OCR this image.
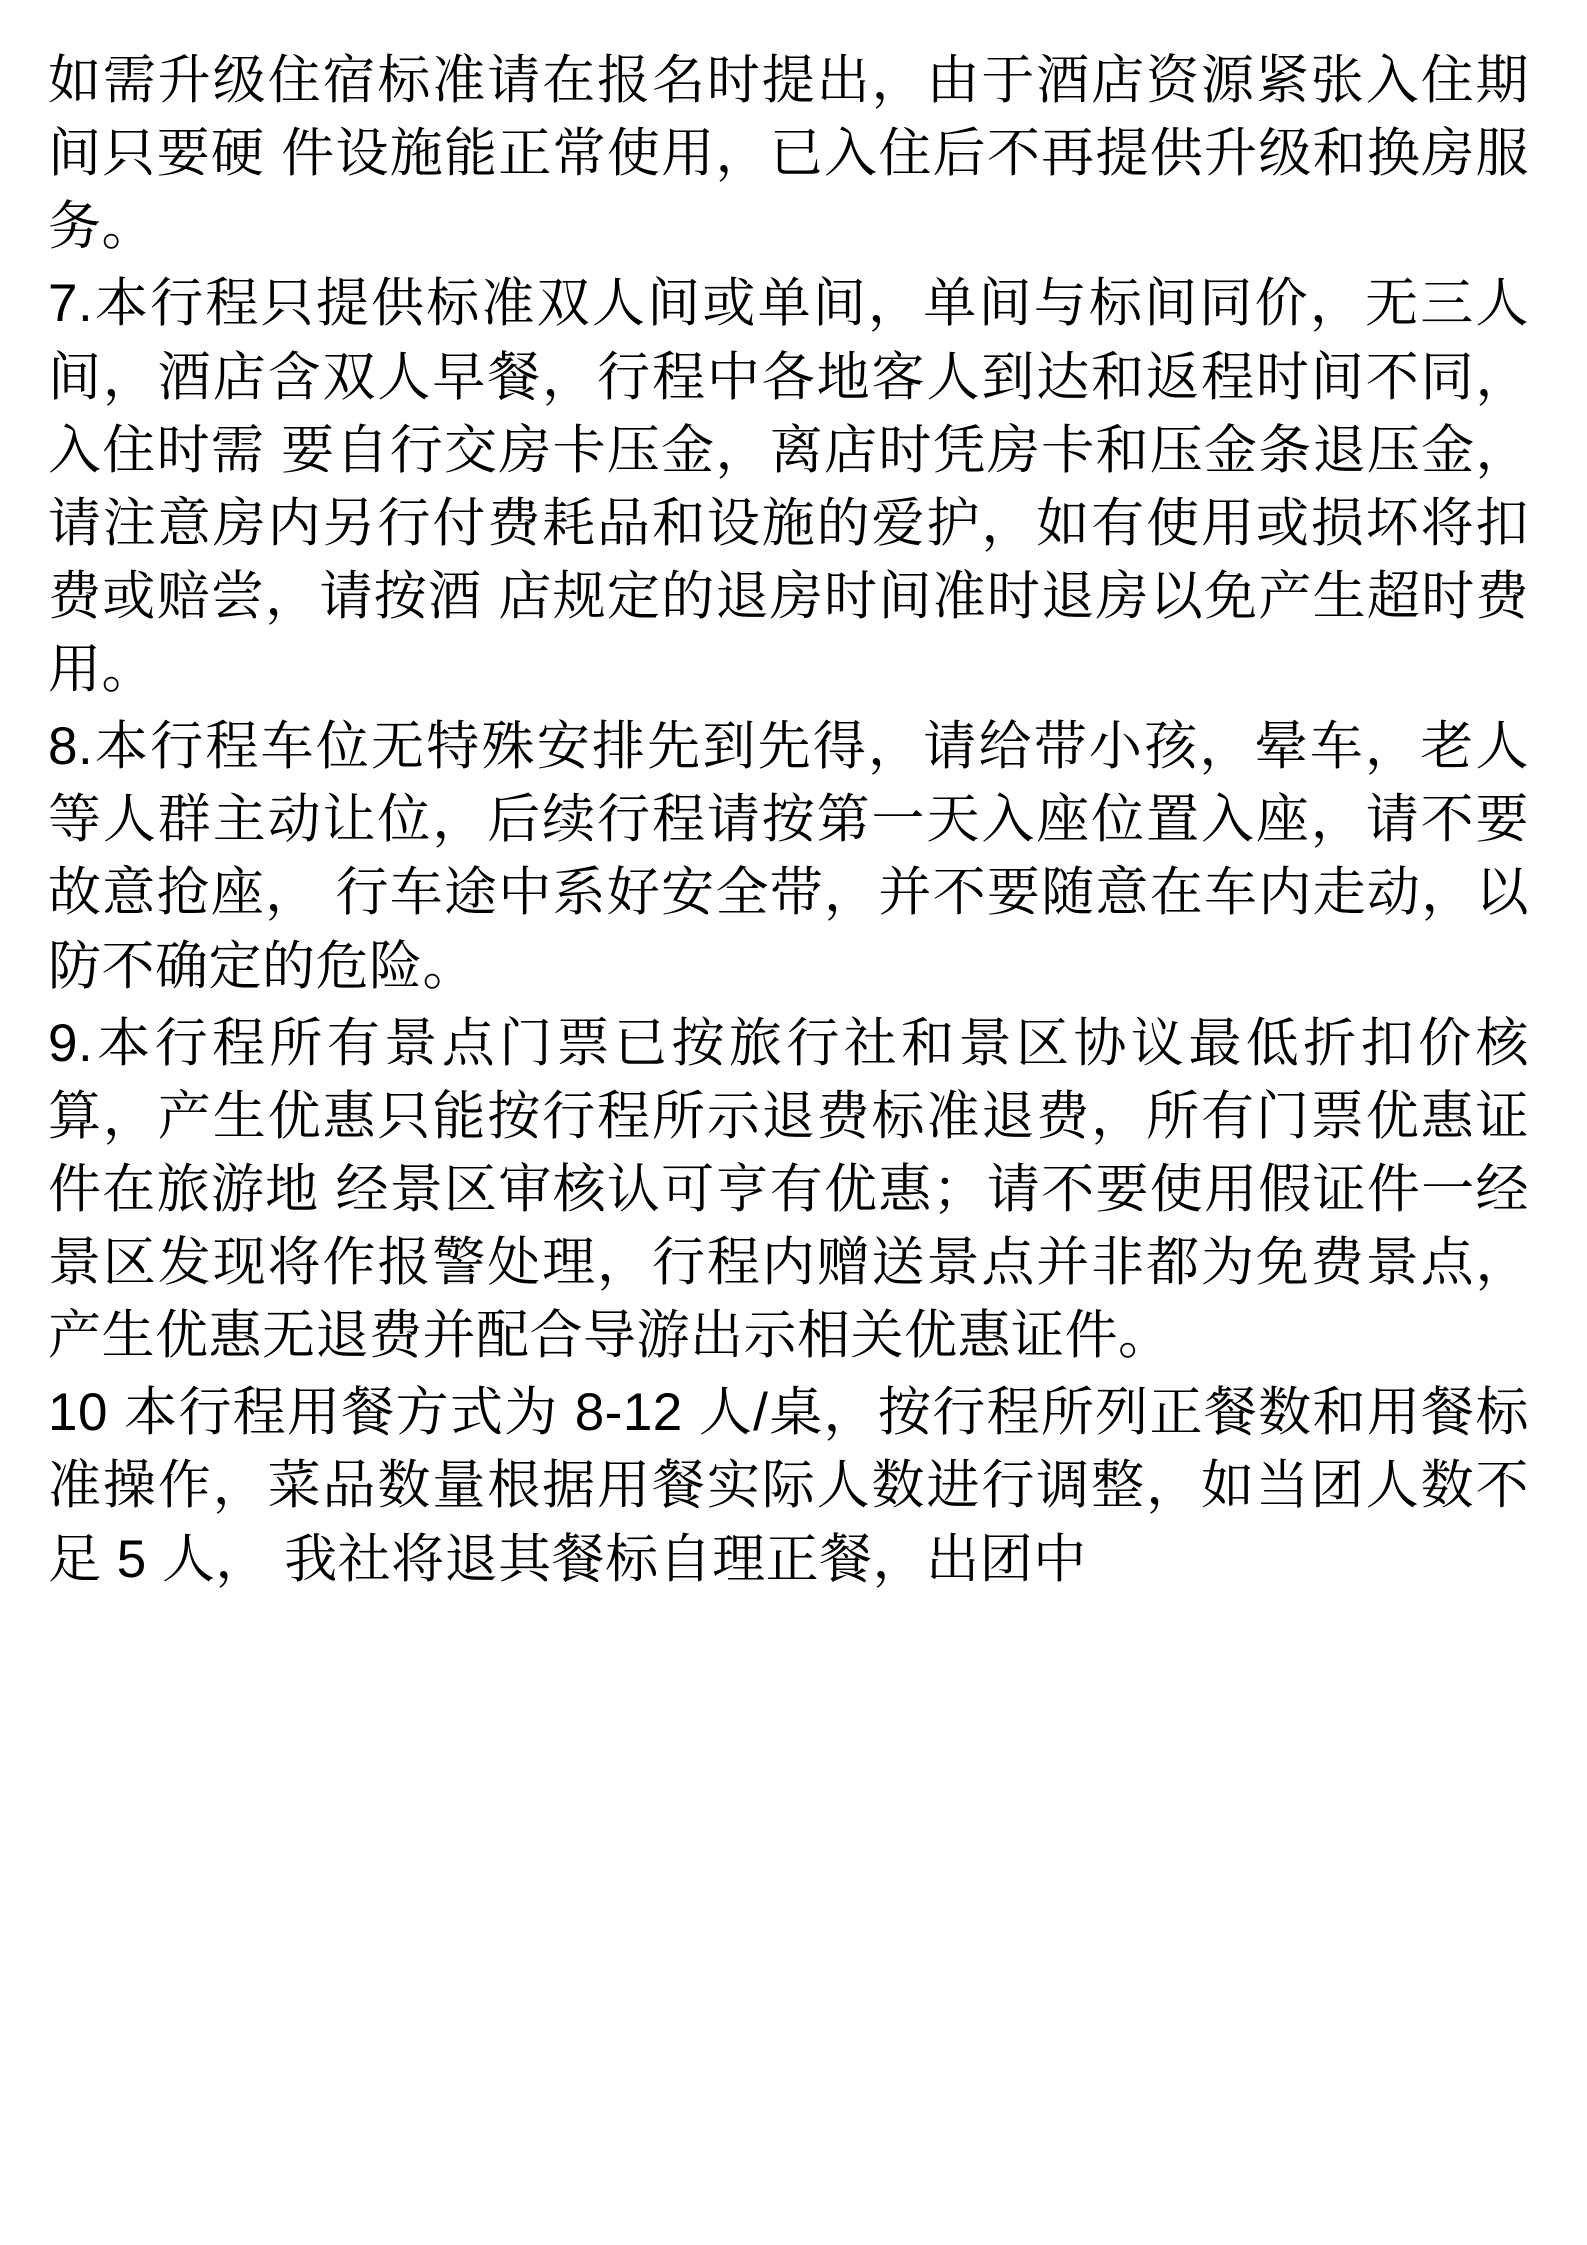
如需升级住宿标准请在报名时提出，由于酒店资源紧张入住期间只要硬 件设施能正常使用，已入住后不再提供升级和换房服务。

7.本行程只提供标准双人间或单间，单间与标间同价，无三人间，酒店含双人早餐，行程中各地客人到达和返程时间不同，入住时需 要自行交房卡压金，离店时凭房卡和压金条退压金，请注意房内另行付费耗品和设施的爱护，如有使用或损坏将扣费或赔尝，请按酒 店规定的退房时间准时退房以免产生超时费用。

8.本行程车位无特殊安排先到先得，请给带小孩，晕车，老人等人群主动让位，后续行程请按第一天入座位置入座，请不要故意抢座， 行车途中系好安全带，并不要随意在车内走动，以防不确定的危险。

9.本行程所有景点门票已按旅行社和景区协议最低折扣价核算，产生优惠只能按行程所示退费标准退费，所有门票优惠证件在旅游地 经景区审核认可亨有优惠；请不要使用假证件一经景区发现将作报警处理，行程内赠送景点并非都为免费景点，产生优惠无退费并配合导游出示相关优惠证件。

10 本行程用餐方式为 8-12 人/桌，按行程所列正餐数和用餐标准操作，菜品数量根据用餐实际人数进行调整，如当团人数不足 5 人， 我社将退其餐标自理正餐，出团中
